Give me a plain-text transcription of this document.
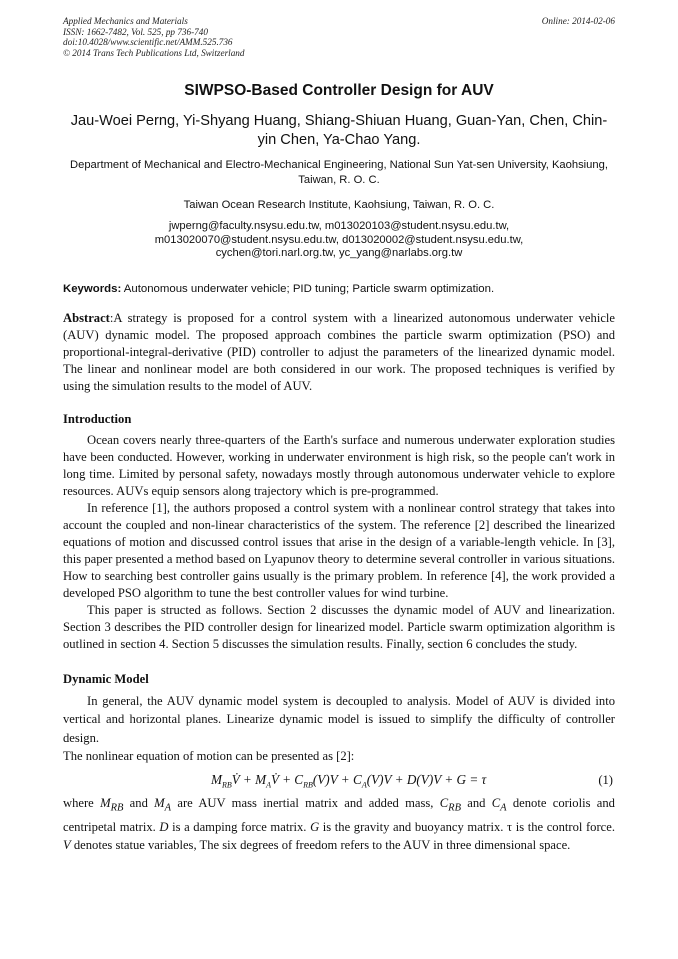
Applied Mechanics and Materials
ISSN: 1662-7482, Vol. 525, pp 736-740
doi:10.4028/www.scientific.net/AMM.525.736
© 2014 Trans Tech Publications Ltd, Switzerland
Online: 2014-02-06
SIWPSO-Based Controller Design for AUV
Jau-Woei Perng, Yi-Shyang Huang, Shiang-Shiuan Huang, Guan-Yan, Chen, Chin-yin Chen, Ya-Chao Yang.
Department of Mechanical and Electro-Mechanical Engineering, National Sun Yat-sen University, Kaohsiung, Taiwan, R. O. C.
Taiwan Ocean Research Institute, Kaohsiung, Taiwan, R. O. C.
jwperng@faculty.nsysu.edu.tw, m013020103@student.nsysu.edu.tw,
m013020070@student.nsysu.edu.tw, d013020002@student.nsysu.edu.tw,
cychen@tori.narl.org.tw, yc_yang@narlabs.org.tw
Keywords: Autonomous underwater vehicle; PID tuning; Particle swarm optimization.

Abstract:A strategy is proposed for a control system with a linearized autonomous underwater vehicle (AUV) dynamic model. The proposed approach combines the particle swarm optimization (PSO) and proportional-integral-derivative (PID) controller to adjust the parameters of the linearized dynamic model. The linear and nonlinear model are both considered in our work. The proposed techniques is verified by using the simulation results to the model of AUV.

Introduction

Ocean covers nearly three-quarters of the Earth's surface and numerous underwater exploration studies have been conducted. However, working in underwater environment is high risk, so the people can't work in long time. Limited by personal safety, nowadays mostly through autonomous underwater vehicle to explore resources. AUVs equip sensors along trajectory which is pre-programmed.

In reference [1], the authors proposed a control system with a nonlinear control strategy that takes into account the coupled and non-linear characteristics of the system. The reference [2] described the linearized equations of motion and discussed control issues that arise in the design of a variable-length vehicle. In [3], this paper presented a method based on Lyapunov theory to determine several controller in various situations. How to searching best controller gains usually is the primary problem. In reference [4], the work provided a developed PSO algorithm to tune the best controller values for wind turbine.

This paper is structed as follows. Section 2 discusses the dynamic model of AUV and linearization. Section 3 describes the PID controller design for linearized model. Particle swarm optimization algorithm is outlined in section 4. Section 5 discusses the simulation results. Finally, section 6 concludes the study.

Dynamic Model

In general, the AUV dynamic model system is decoupled to analysis. Model of AUV is divided into vertical and horizontal planes. Linearize dynamic model is issued to simplify the difficulty of controller design.

The nonlinear equation of motion can be presented as [2]:

$M_{RB}V̇$ + $M_AV̇ + C_{RB}(V)V + C_A(V)V + D(V)V + G = \tau$	(1)

where $M_{RB}$ and $M_A$ are AUV mass inertial matrix and added mass, $C_{RB}$ and $C_A$ denote coriolis and centripetal matrix. D is a damping force matrix. G is the gravity and buoyancy matrix. τ is the control force. V denotes statue variables, The six degrees of freedom refers to the AUV in three dimensional space.
